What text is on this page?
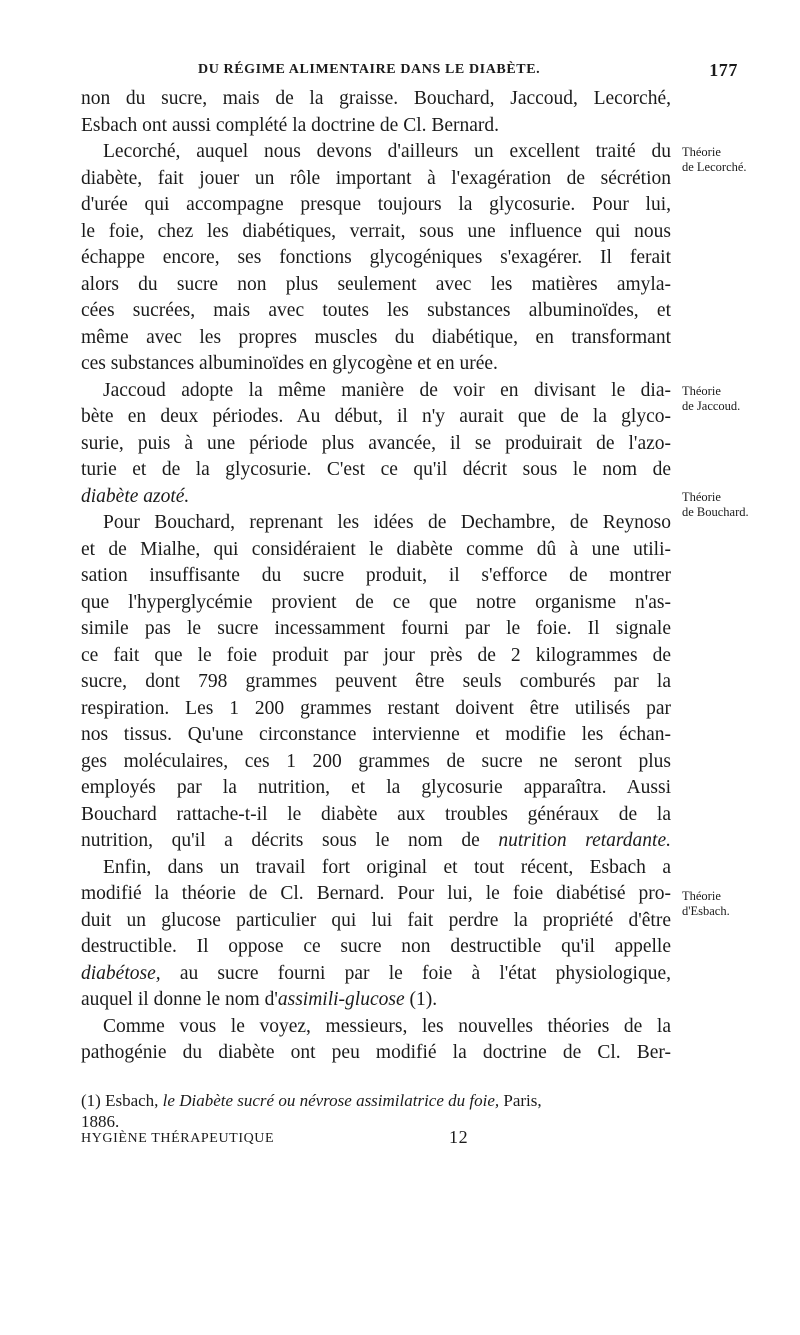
DU RÉGIME ALIMENTAIRE DANS LE DIABÈTE.	177
non du sucre, mais de la graisse. Bouchard, Jaccoud, Lecorché,
Esbach ont aussi complété la doctrine de Cl. Bernard.
Lecorché, auquel nous devons d'ailleurs un excellent traité du
diabète, fait jouer un rôle important à l'exagération de sécrétion
d'urée qui accompagne presque toujours la glycosurie. Pour lui,
le foie, chez les diabétiques, verrait, sous une influence qui nous
échappe encore, ses fonctions glycogéniques s'exagérer. Il ferait
alors du sucre non plus seulement avec les matières amyla-
cées sucrées, mais avec toutes les substances albuminoïdes, et
même avec les propres muscles du diabétique, en transformant
ces substances albuminoïdes en glycogène et en urée.
Jaccoud adopte la même manière de voir en divisant le dia-
bète en deux périodes. Au début, il n'y aurait que de la glyco-
surie, puis à une période plus avancée, il se produirait de l'azo-
turie et de la glycosurie. C'est ce qu'il décrit sous le nom de
diabète azoté.
Pour Bouchard, reprenant les idées de Dechambre, de Reynoso
et de Mialhe, qui considéraient le diabète comme dû à une utili-
sation insuffisante du sucre produit, il s'efforce de montrer
que l'hyperglycémie provient de ce que notre organisme n'as-
simile pas le sucre incessamment fourni par le foie. Il signale
ce fait que le foie produit par jour près de 2 kilogrammes de
sucre, dont 798 grammes peuvent être seuls comburés par la
respiration. Les 1 200 grammes restant doivent être utilisés par
nos tissus. Qu'une circonstance intervienne et modifie les échan-
ges moléculaires, ces 1 200 grammes de sucre ne seront plus
employés par la nutrition, et la glycosurie apparaîtra. Aussi
Bouchard rattache-t-il le diabète aux troubles généraux de la
nutrition, qu'il a décrits sous le nom de nutrition retardante.
Enfin, dans un travail fort original et tout récent, Esbach a
modifié la théorie de Cl. Bernard. Pour lui, le foie diabétisé pro-
duit un glucose particulier qui lui fait perdre la propriété d'être
destructible. Il oppose ce sucre non destructible qu'il appelle
diabétose, au sucre fourni par le foie à l'état physiologique,
auquel il donne le nom d'assimili-glucose (1).
Comme vous le voyez, messieurs, les nouvelles théories de la
pathogénie du diabète ont peu modifié la doctrine de Cl. Ber-
Théorie
de Lecorché.
Théorie
de Jaccoud.
Théorie
de Bouchard.
Théorie
d'Esbach.
(1) Esbach, le Diabète sucré ou névrose assimilatrice du foie, Paris,
1886.
HYGIÈNE THÉRAPEUTIQUE	12
